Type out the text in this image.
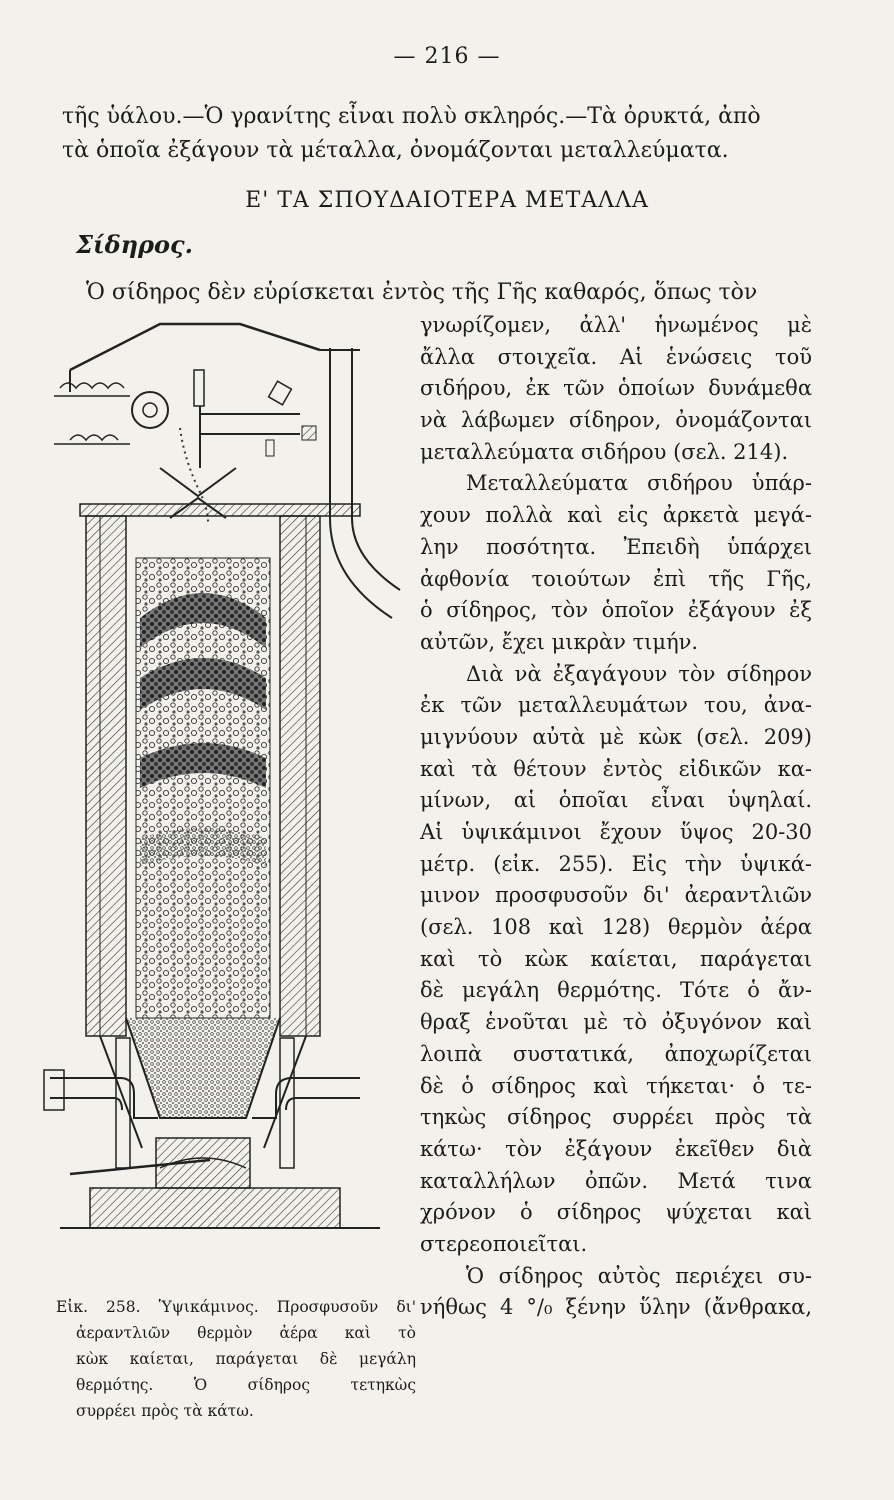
— 216 —
τῆς ὑάλου.—Ὁ γρανίτης εἶναι πολὺ σκληρός.—Τὰ ὀρυκτά, ἀπὸ
τὰ ὁποῖα ἐξάγουν τὰ μέταλλα, ὀνομάζονται μεταλλεύματα.
Ε' ΤΑ ΣΠΟΥΔΑΙΟΤΕΡΑ ΜΕΤΑΛΛΑ
Σίδηρος.
Ὁ σίδηρος δὲν εὑρίσκεται ἐντὸς τῆς Γῆς καθαρός, ὅπως τὸν
γνωρίζομεν, ἀλλ' ἡνωμένος μὲ
ἄλλα στοιχεῖα. Αἱ ἑνώσεις τοῦ
σιδήρου, ἐκ τῶν ὁποίων δυνάμεθα
νὰ λάβωμεν σίδηρον, ὀνομάζονται
μεταλλεύματα σιδήρου (σελ. 214).
Μεταλλεύματα σιδήρου ὑπάρ-
χουν πολλὰ καὶ εἰς ἀρκετὰ μεγά-
λην ποσότητα. Ἐπειδὴ ὑπάρχει
ἀφθονία τοιούτων ἐπὶ τῆς Γῆς,
ὁ σίδηρος, τὸν ὁποῖον ἐξάγουν ἐξ
αὐτῶν, ἔχει μικρὰν τιμήν.
Διὰ νὰ ἐξαγάγουν τὸν σίδηρον
ἐκ τῶν μεταλλευμάτων του, ἀνα-
μιγνύουν αὐτὰ μὲ κὼκ (σελ. 209)
καὶ τὰ θέτουν ἐντὸς εἰδικῶν κα-
μίνων, αἱ ὁποῖαι εἶναι ὑψηλαί.
Αἱ ὑψικάμινοι ἔχουν ὕψος 20-30
μέτρ. (εἰκ. 255). Εἰς τὴν ὑψικά-
μινον προσφυσοῦν δι' ἀεραντλιῶν
(σελ. 108 καὶ 128) θερμὸν ἀέρα
καὶ τὸ κὼκ καίεται, παράγεται
δὲ μεγάλη θερμότης. Τότε ὁ ἄν-
θραξ ἑνοῦται μὲ τὸ ὀξυγόνον καὶ
λοιπὰ συστατικά, ἀποχωρίζεται
δὲ ὁ σίδηρος καὶ τήκεται· ὁ τε-
τηκὼς σίδηρος συρρέει πρὸς τὰ
κάτω· τὸν ἐξάγουν ἐκεῖθεν διὰ
καταλλήλων ὀπῶν. Μετά τινα
χρόνον ὁ σίδηρος ψύχεται καὶ
στερεοποιεῖται.
Ὁ σίδηρος αὐτὸς περιέχει συ-
νήθως 4 °/₀ ξένην ὕλην (ἄνθρακα,
Εἰκ. 258. Ὑψικάμινος. Προσφυσοῦν δι'
ἀεραντλιῶν θερμὸν ἀέρα καὶ τὸ
κὼκ καίεται, παράγεται δὲ μεγάλη
θερμότης. Ὁ σίδηρος τετηκὼς
συρρέει πρὸς τὰ κάτω.
